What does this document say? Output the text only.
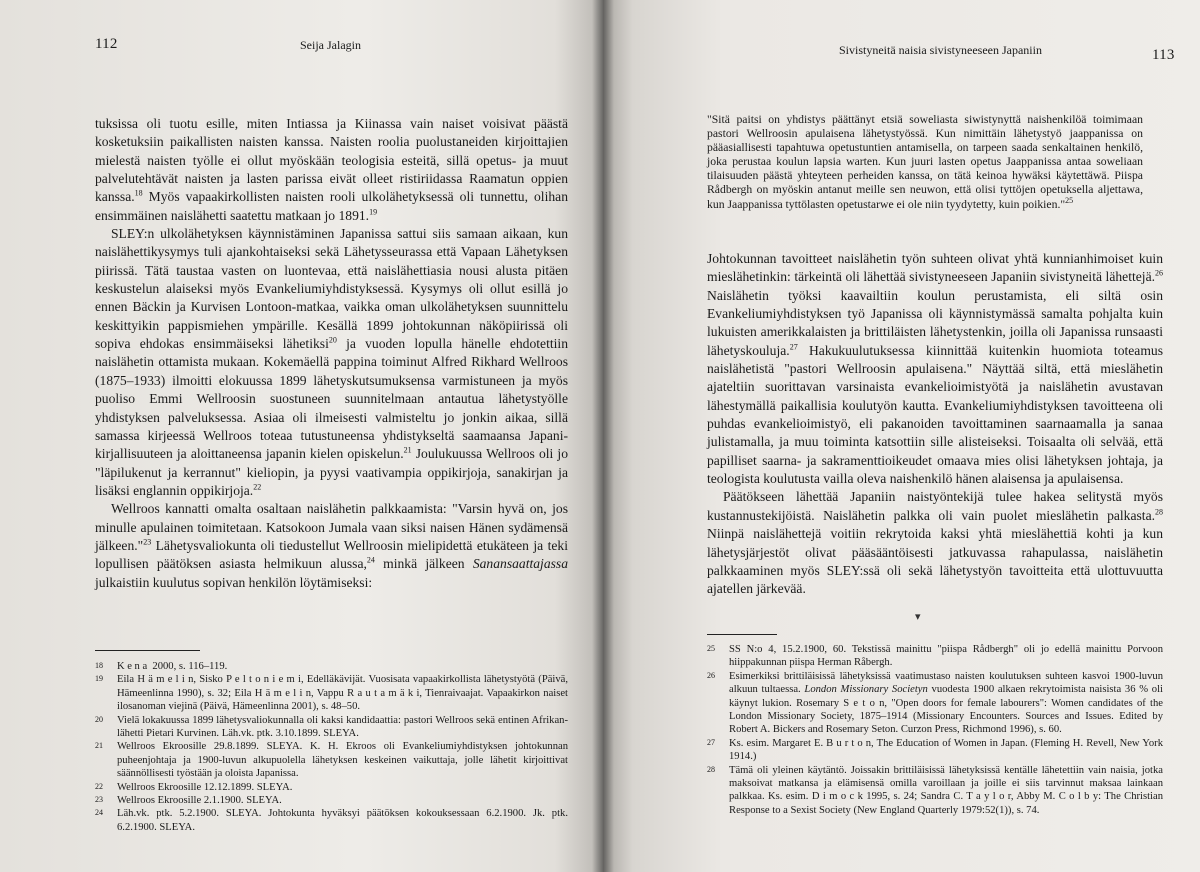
112	Seija Jalagin

tuksissa oli tuotu esille, miten Intiassa ja Kiinassa vain naiset voisivat päästä kosketuksiin paikallisten naisten kanssa. Naisten roolia puolustaneiden kirjoittajien mielestä naisten työlle ei ollut myöskään teologisia esteitä, sillä opetus- ja muut palvelutehtävät naisten ja lasten parissa eivät olleet ristiriidassa Raamatun oppien kanssa.$^{18}$ Myös vapaakirkollisten naisten rooli ulkolähetyksessä oli tunnettu, olihan ensimmäinen naislähetti saatettu matkaan jo 1891.19

SLEY:n ulkolähetyksen käynnistäminen Japanissa sattui siis samaan aikaan, kun naislähettikysymys tuli ajankohtaiseksi sekä Lähetysseurassa että Vapaan Lähetyksen piirissä. Tätä taustaa vasten on luontevaa, että naislähettiasia nousi alusta pitäen keskustelun alaiseksi myös Evankeliumiyhdistyksessä. Kysymys oli ollut esillä jo ennen Bäckin ja Kurvisen Lontoon-matkaa, vaikka oman ulkolähetyksen suunnittelu keskittyikin pappismiehen ympärille. Kesällä 1899 johtokunnan näköpiirissä oli sopiva ehdokas ensimmäiseksi lähetiksi$^{20}$ ja vuoden lopulla hänelle ehdotettiin naislähetin ottamista mukaan. Kokemäellä pappina toiminut Alfred Rikhard Wellroos (1875–1933) ilmoitti elokuussa 1899 lähetyskutsumuksensa varmistuneen ja myös puoliso Emmi Wellroosin suostuneen suunnitelmaan antautua lähetystyölle yhdistyksen palveluksessa. Asiaa oli ilmeisesti valmisteltu jo jonkin aikaa, sillä samassa kirjeessä Wellroos toteaa tutustuneensa yhdistykseltä saamaansa Japani-kirjallisuuteen ja aloittaneensa japanin kielen opiskelun.$^{21}$ Joulukuussa Wellroos oli jo "läpilukenut ja kerrannut" kieliopin, ja pyysi vaativampia oppikirjoja, sanakirjan ja lisäksi englannin oppikirjoja.$^{22}$

Wellroos kannatti omalta osaltaan naislähetin palkkaamista: "Varsin hyvä on, jos minulle apulainen toimitetaan. Katsokoon Jumala vaan siksi naisen Hänen sydämensä jälkeen."$^{23}$ Lähetysvaliokunta oli tiedustellut Wellroosin mielipidettä etukäteen ja teki lopullisen päätöksen asiasta helmikuun alussa,$^{24}$ minkä jälkeen Sanansaattajassa julkaistiin kuulutus sopivan henkilön löytämiseksi:

18 Kena 2000, s. 116–119.
19 Eila H ä m e l i n, Sisko P e l t o n i e m i, Edelläkävijät. Vuosisata vapaakirkollista lähetystyötä (Päivä, Hämeenlinna 1990), s. 32; Eila H ä m e l i n, Vappu R a u t a m ä k i, Tienraivaajat. Vapaakirkon naiset ilosanoman viejinä (Päivä, Hämeenlinna 2001), s. 48–50.
20 Vielä lokakuussa 1899 lähetysvaliokunnalla oli kaksi kandidaattia: pastori Wellroos sekä entinen Afrikan-lähetti Pietari Kurvinen. Läh.vk. ptk. 3.10.1899. SLEYA.
21 Wellroos Ekroosille 29.8.1899. SLEYA. K. H. Ekroos oli Evankeliumiyhdistyksen johtokunnan puheenjohtaja ja 1900-luvun alkupuolella lähetyksen keskeinen vaikuttaja, jolle lähetit kirjoittivat säännöllisesti työstään ja oloista Japanissa.
22 Wellroos Ekroosille 12.12.1899. SLEYA.
23 Wellroos Ekroosille 2.1.1900. SLEYA.
24 Läh.vk. ptk. 5.2.1900. SLEYA. Johtokunta hyväksyi päätöksen kokouksessaan 6.2.1900. Jk. ptk. 6.2.1900. SLEYA.
Sivistyneitä naisia sivistyneeseen Japaniin	113

"Sitä paitsi on yhdistys päättänyt etsiä soweliasta siwistynyttä naishenkilöä toimimaan pastori Wellroosin apulaisena lähetystyössä. Kun nimittäin lähetystyö jaappanissa on pääasiallisesti tapahtuwa opetustuntien antamisella, on tarpeen saada senkaltainen henkilö, joka perustaa koulun lapsia warten. Kun juuri lasten opetus Jaappanissa antaa soweliaan tilaisuuden päästä yhteyteen perheiden kanssa, on tätä keinoa hywäksi käytettäwä. Piispa Rådbergh on myöskin antanut meille sen neuwon, että olisi tyttöjen opetuksella aljettawa, kun Jaappanissa tyttölasten opetustarwe ei ole niin tyydytetty, kuin poikien."$^{25}$

Johtokunnan tavoitteet naislähetin työn suhteen olivat yhtä kunnianhimoiset kuin mieslähetinkin: tärkeintä oli lähettää sivistyneeseen Japaniin sivistyneitä lähettejä.$^{26}$ Naislähetin työksi kaavailtiin koulun perustamista, eli siltä osin Evankeliumiyhdistyksen työ Japanissa oli käynnistymässä samalta pohjalta kuin lukuisten amerikkalaisten ja brittiläisten lähetystenkin, joilla oli Japanissa runsaasti lähetyskouluja.$^{27}$ Hakukuulutuksessa kiinnittää kuitenkin huomiota toteamus naislähetistä "pastori Wellroosin apulaisena." Näyttää siltä, että mieslähetin ajateltiin suorittavan varsinaista evankelioimistyötä ja naislähetin avustavan lähestymällä paikallisia koulutyön kautta. Evankeliumiyhdistyksen tavoitteena oli puhdas evankelioimistyö, eli pakanoiden tavoittaminen saarnaamalla ja sanaa julistamalla, ja muu toiminta katsottiin sille alisteiseksi. Toisaalta oli selvää, että papilliset saarna- ja sakramenttioikeudet omaava mies olisi lähetyksen johtaja, ja teologista koulutusta vailla oleva naishenkilö hänen alaisensa ja apulaisensa.

Päätökseen lähettää Japaniin naistyöntekijä tulee hakea selitystä myös kustannustekijöistä. Naislähetin palkka oli vain puolet mieslähetin palkasta.$^{28}$ Niinpä naislähettejä voitiin rekrytoida kaksi yhtä mieslähettiä kohti ja kun lähetysjärjestöt olivat pääsääntöisesti jatkuvassa rahapulassa, naislähetin palkkaaminen myös SLEY:ssä oli sekä lähetystyön tavoitteita että ulottuvuutta ajatellen järkevää.

▾
25 SS N:o 4, 15.2.1900, 60. Tekstissä mainittu "piispa Rådbergh" oli jo edellä mainittu Porvoon hiippakunnan piispa Herman Råbergh.
26 Esimerkiksi brittiläisissä lähetyksissä vaatimustaso naisten koulutuksen suhteen kasvoi 1900-luvun alkuun tultaessa. London Missionary Societyn vuodesta 1900 alkaen rekrytoimista naisista 36 % oli käynyt lukion. Rosemary S e t o n, "Open doors for female labourers": Women candidates of the London Missionary Society, 1875–1914 (Missionary Encounters. Sources and Issues. Edited by Robert A. Bickers and Rosemary Seton. Curzon Press, Richmond 1996), s. 60.
27 Ks. esim. Margaret E. B u r t o n, The Education of Women in Japan. (Fleming H. Revell, New York 1914.)
28 Tämä oli yleinen käytäntö. Joissakin brittiläisissä lähetyksissä kentälle lähetettiin vain naisia, jotka maksoivat matkansa ja elämisensä omilla varoillaan ja joille ei siis tarvinnut maksaa lainkaan palkkaa. Ks. esim. D i m o c k 1995, s. 24; Sandra C. T a y l o r, Abby M. C o l b y: The Christian Response to a Sexist Society (New England Quarterly 1979:52(1)), s. 74.
